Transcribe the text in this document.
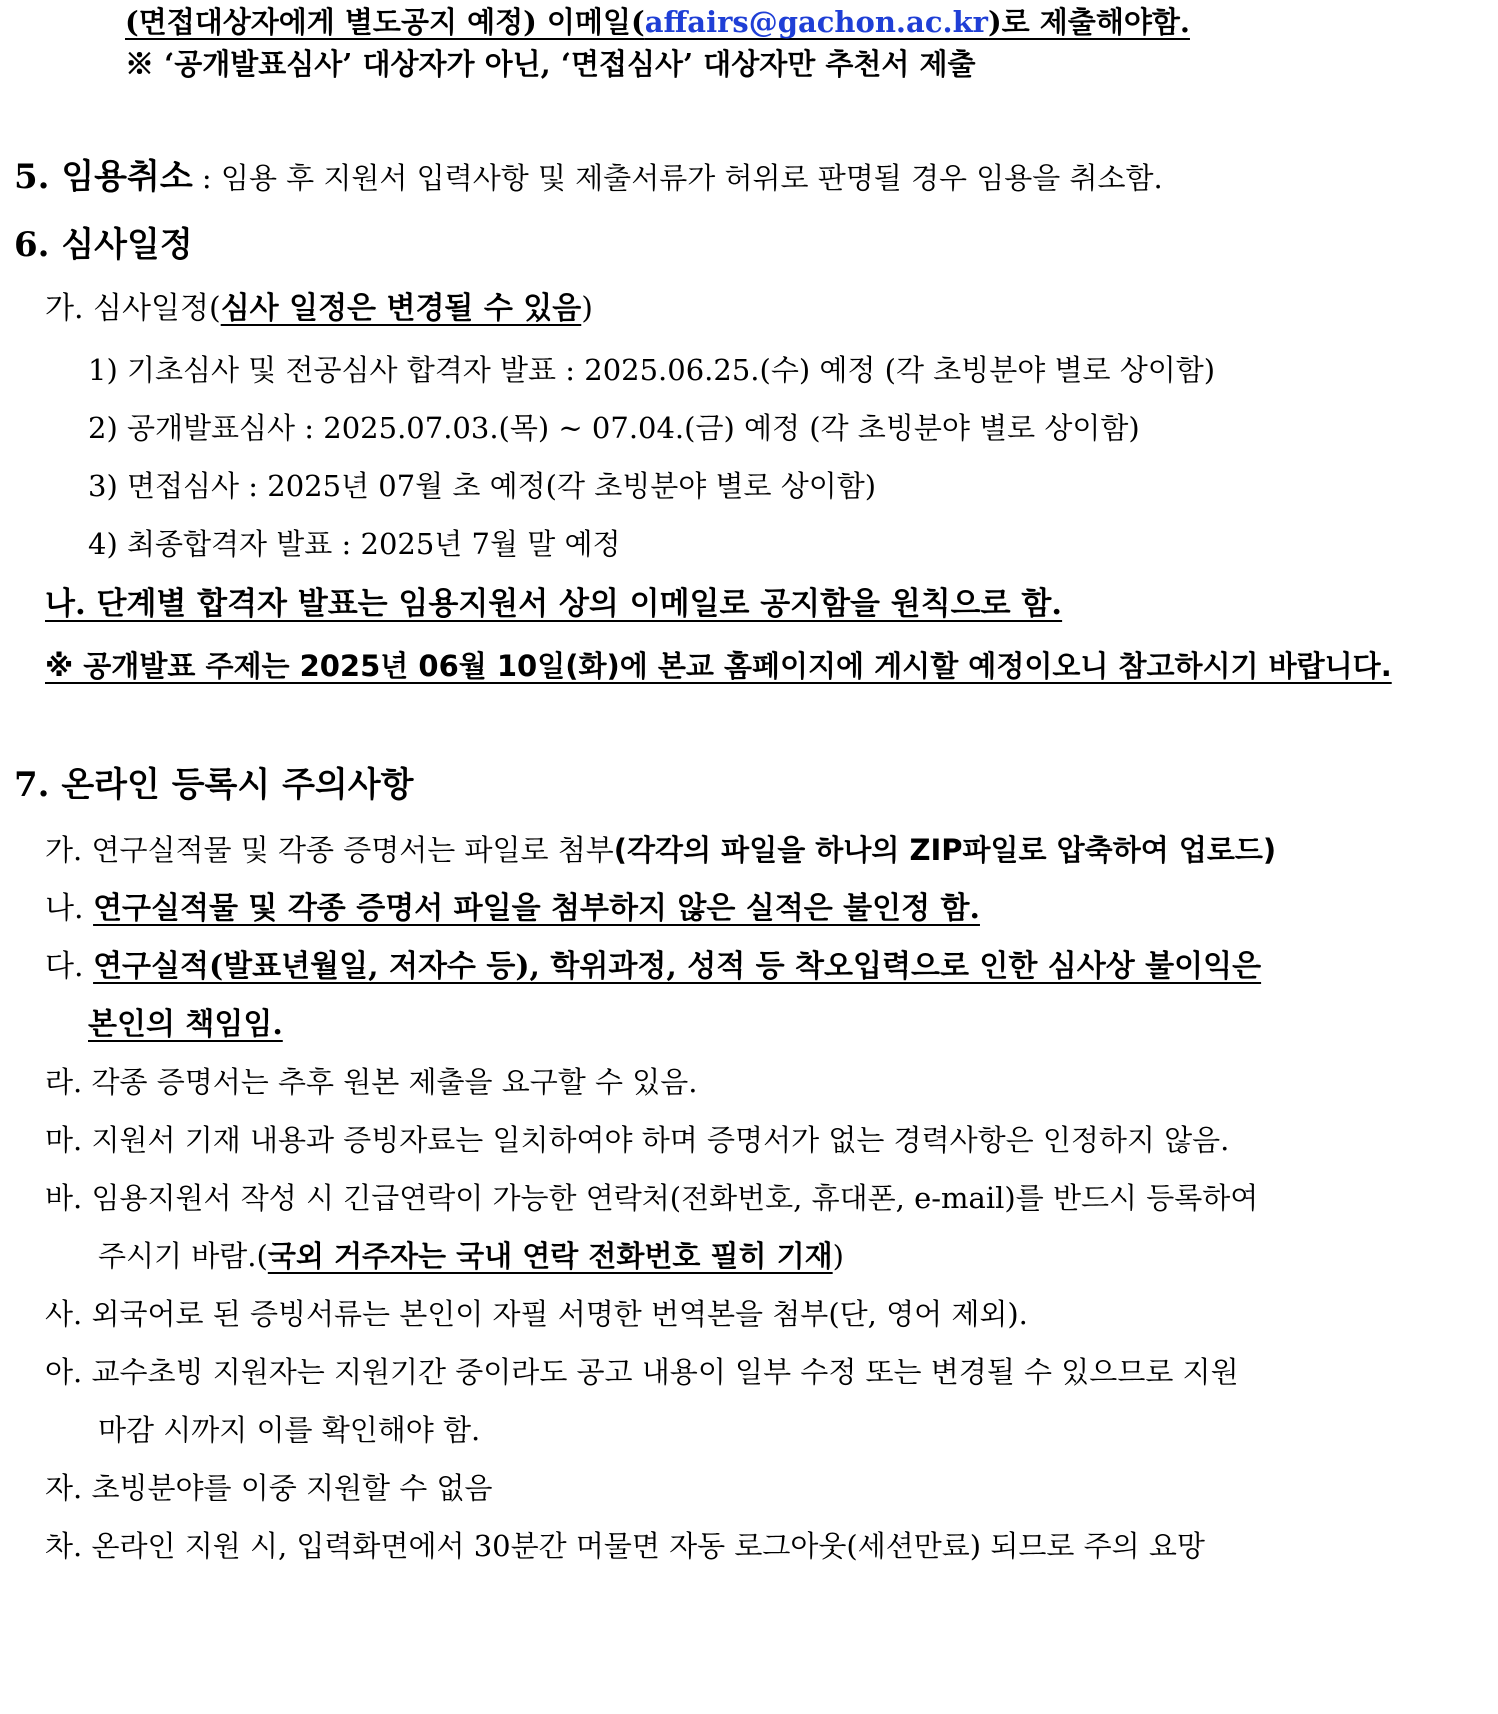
(면접대상자에게 별도공지 예정) 이메일(affairs@gachon.ac.kr)로 제출해야함.
※ ‘공개발표심사’ 대상자가 아닌, ‘면접심사’ 대상자만 추천서 제출
5. 임용취소 : 임용 후 지원서 입력사항 및 제출서류가 허위로 판명될 경우 임용을 취소함.
6. 심사일정
가. 심사일정(심사 일정은 변경될 수 있음)
1) 기초심사 및 전공심사 합격자 발표 : 2025.06.25.(수) 예정 (각 초빙분야 별로 상이함)
2) 공개발표심사 : 2025.07.03.(목) ~ 07.04.(금) 예정 (각 초빙분야 별로 상이함)
3) 면접심사 : 2025년 07월 초 예정(각 초빙분야 별로 상이함)
4) 최종합격자 발표 : 2025년 7월 말 예정
나. 단계별 합격자 발표는 임용지원서 상의 이메일로 공지함을 원칙으로 함.
※ 공개발표 주제는 2025년 06월 10일(화)에 본교 홈페이지에 게시할 예정이오니 참고하시기 바랍니다.
7. 온라인 등록시 주의사항
가. 연구실적물 및 각종 증명서는 파일로 첨부(각각의 파일을 하나의 ZIP파일로 압축하여 업로드)
나. 연구실적물 및 각종 증명서 파일을 첨부하지 않은 실적은 불인정 함.
다. 연구실적(발표년월일, 저자수 등), 학위과정, 성적 등 착오입력으로 인한 심사상 불이익은
본인의 책임임.
라. 각종 증명서는 추후 원본 제출을 요구할 수 있음.
마. 지원서 기재 내용과 증빙자료는 일치하여야 하며 증명서가 없는 경력사항은 인정하지 않음.
바. 임용지원서 작성 시 긴급연락이 가능한 연락처(전화번호, 휴대폰, e-mail)를 반드시 등록하여
주시기 바람.(국외 거주자는 국내 연락 전화번호 필히 기재)
사. 외국어로 된 증빙서류는 본인이 자필 서명한 번역본을 첨부(단, 영어 제외).
아. 교수초빙 지원자는 지원기간 중이라도 공고 내용이 일부 수정 또는 변경될 수 있으므로 지원
마감 시까지 이를 확인해야 함.
자. 초빙분야를 이중 지원할 수 없음
차. 온라인 지원 시, 입력화면에서 30분간 머물면 자동 로그아웃(세션만료) 되므로 주의 요망
